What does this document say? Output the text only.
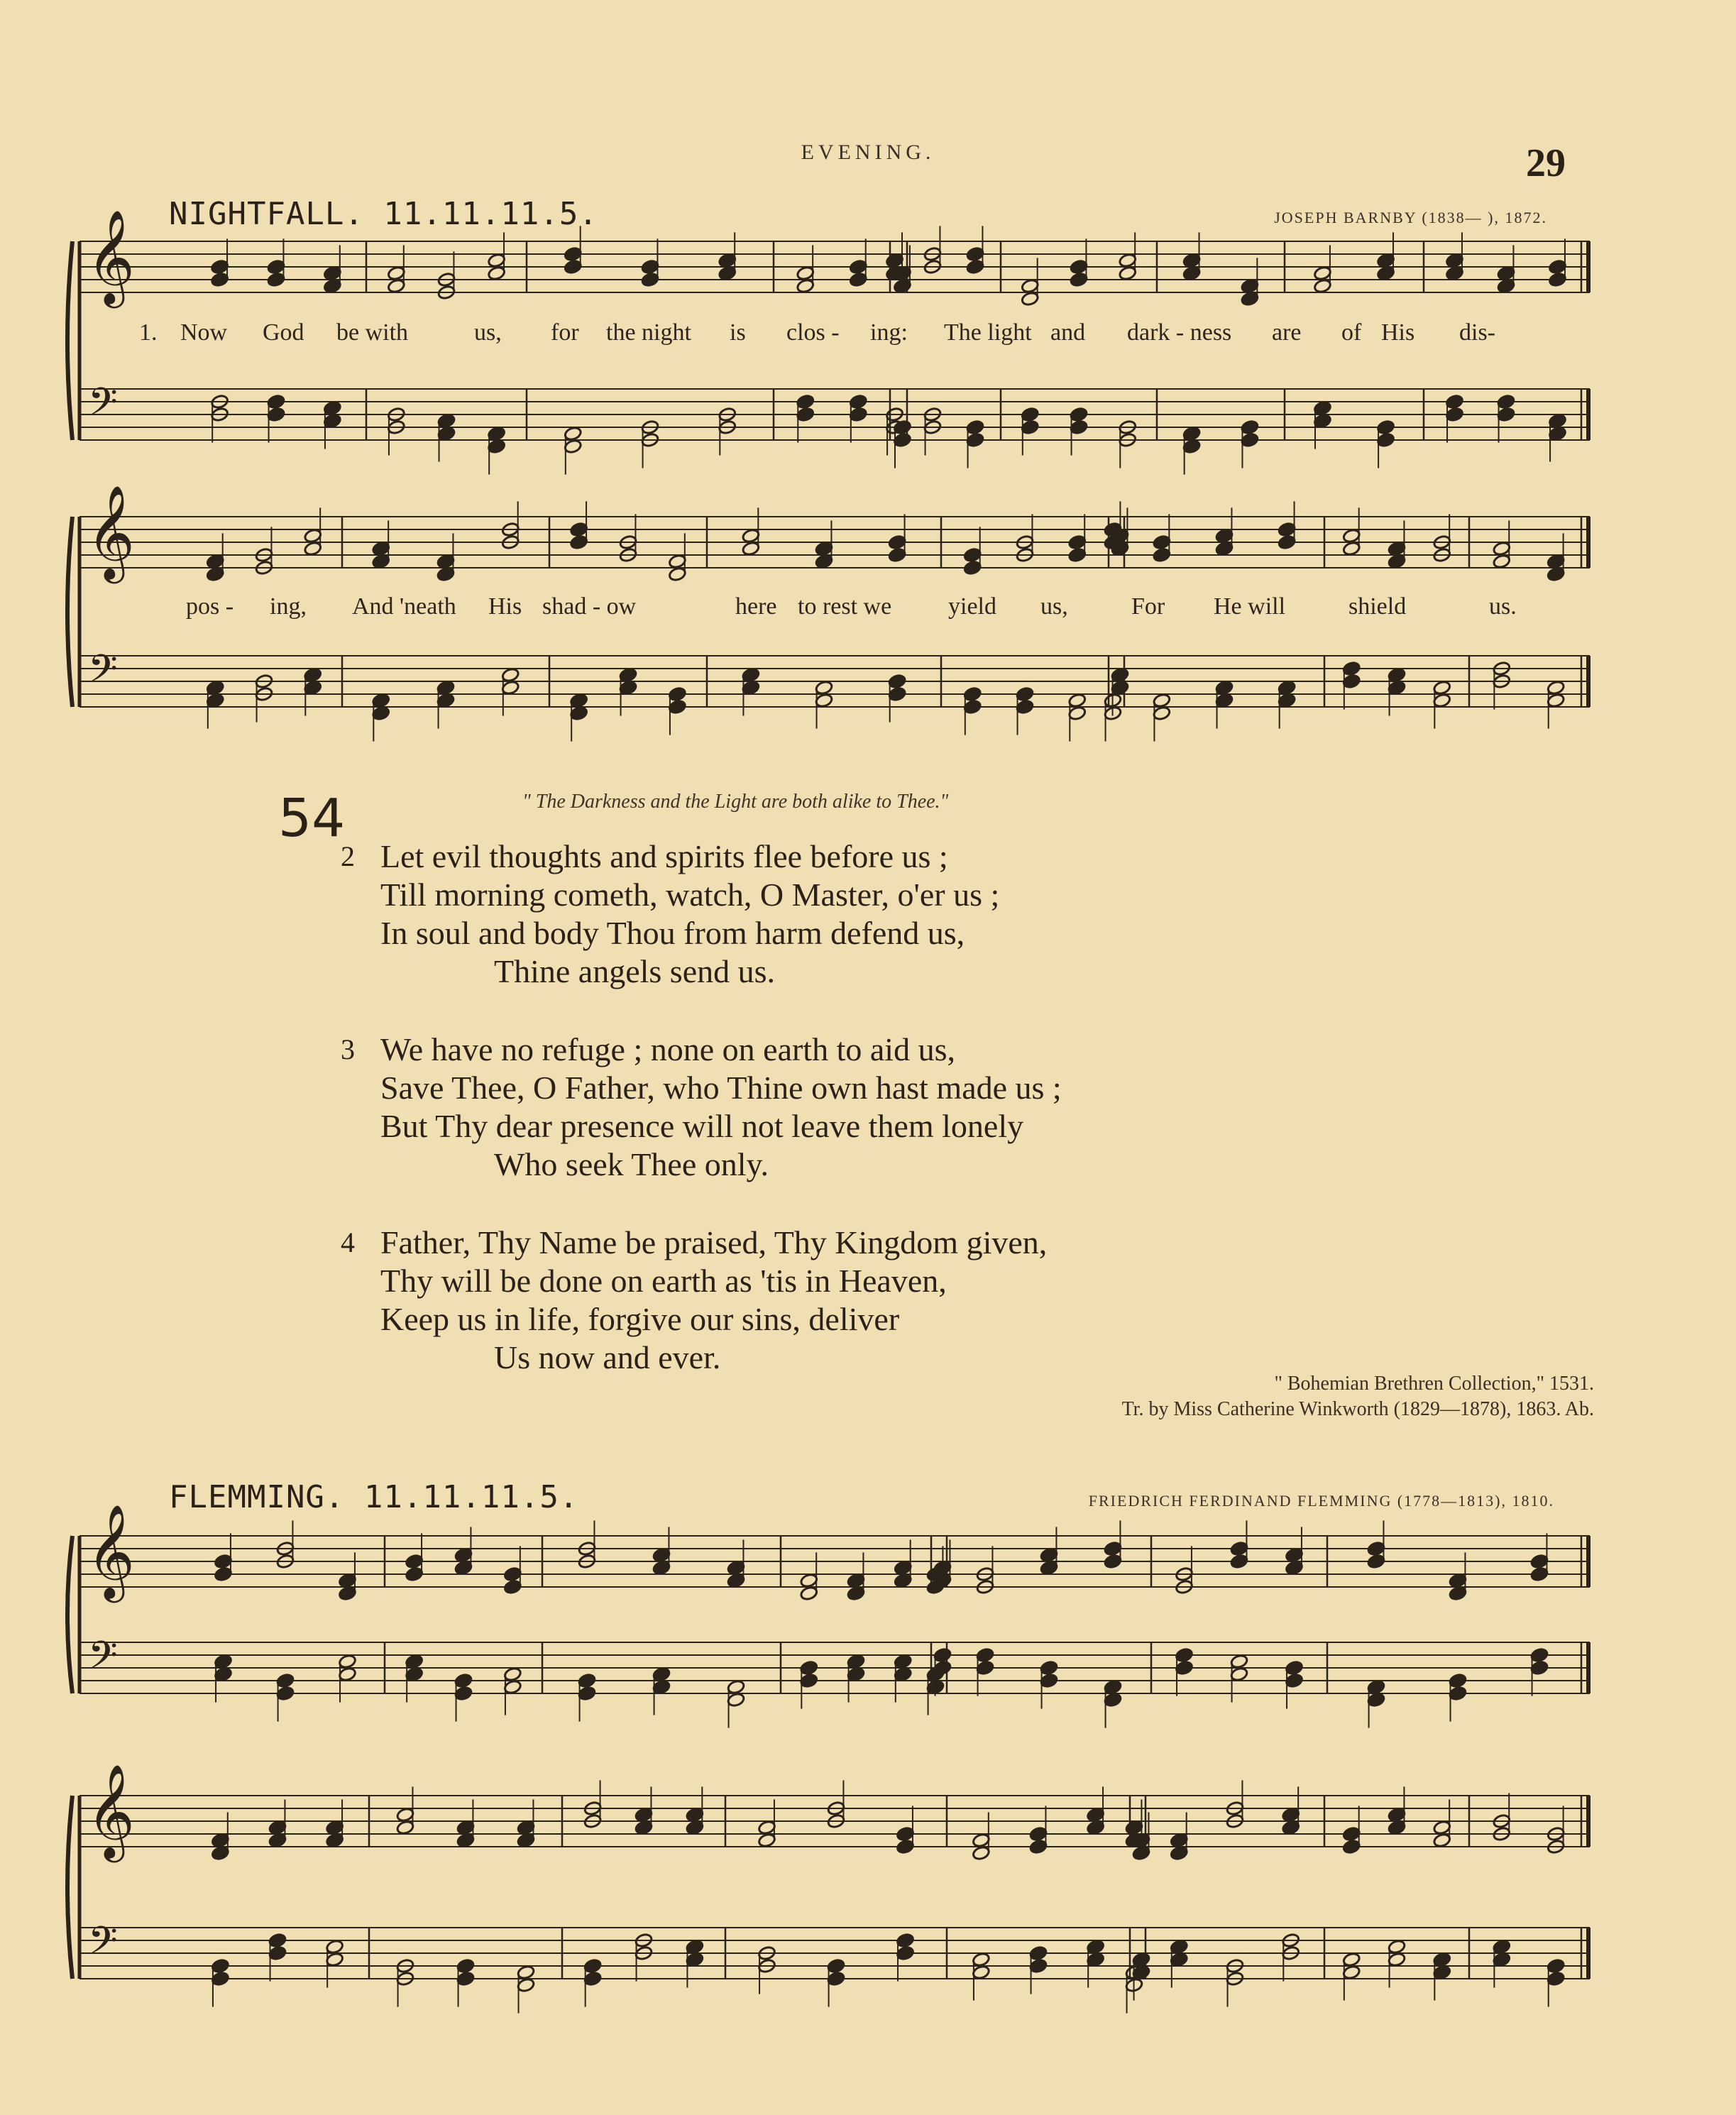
EVENING.	29
NIGHTFALL. 11.11.11.5.	JOSEPH BARNBY (1838— ), 1872.
𝄞
𝄢
𝄞
𝄢
𝄞
𝄢
𝄞
𝄢
1. Now God be with	us, for the night is clos - ing: The light and dark - ness are of His dis-
pos - ing, And 'neath His shad - ow	here to rest we yield us,	For He will	shield	us.
54	" The Darkness and the Light are both alike to Thee."
2 Let evil thoughts and spirits flee before us ;
Till morning cometh, watch, O Master, o'er us ;
In soul and body Thou from harm defend us,
Thine angels send us.
3 We have no refuge ; none on earth to aid us,
Save Thee, O Father, who Thine own hast made us ;
But Thy dear presence will not leave them lonely
Who seek Thee only.
4 Father, Thy Name be praised, Thy Kingdom given,
Thy will be done on earth as 'tis in Heaven,
Keep us in life, forgive our sins, deliver
Us now and ever.
" Bohemian Brethren Collection," 1531.
Tr. by Miss Catherine Winkworth (1829—1878), 1863. Ab.
FLEMMING. 11.11.11.5.	FRIEDRICH FERDINAND FLEMMING (1778—1813), 1810.
